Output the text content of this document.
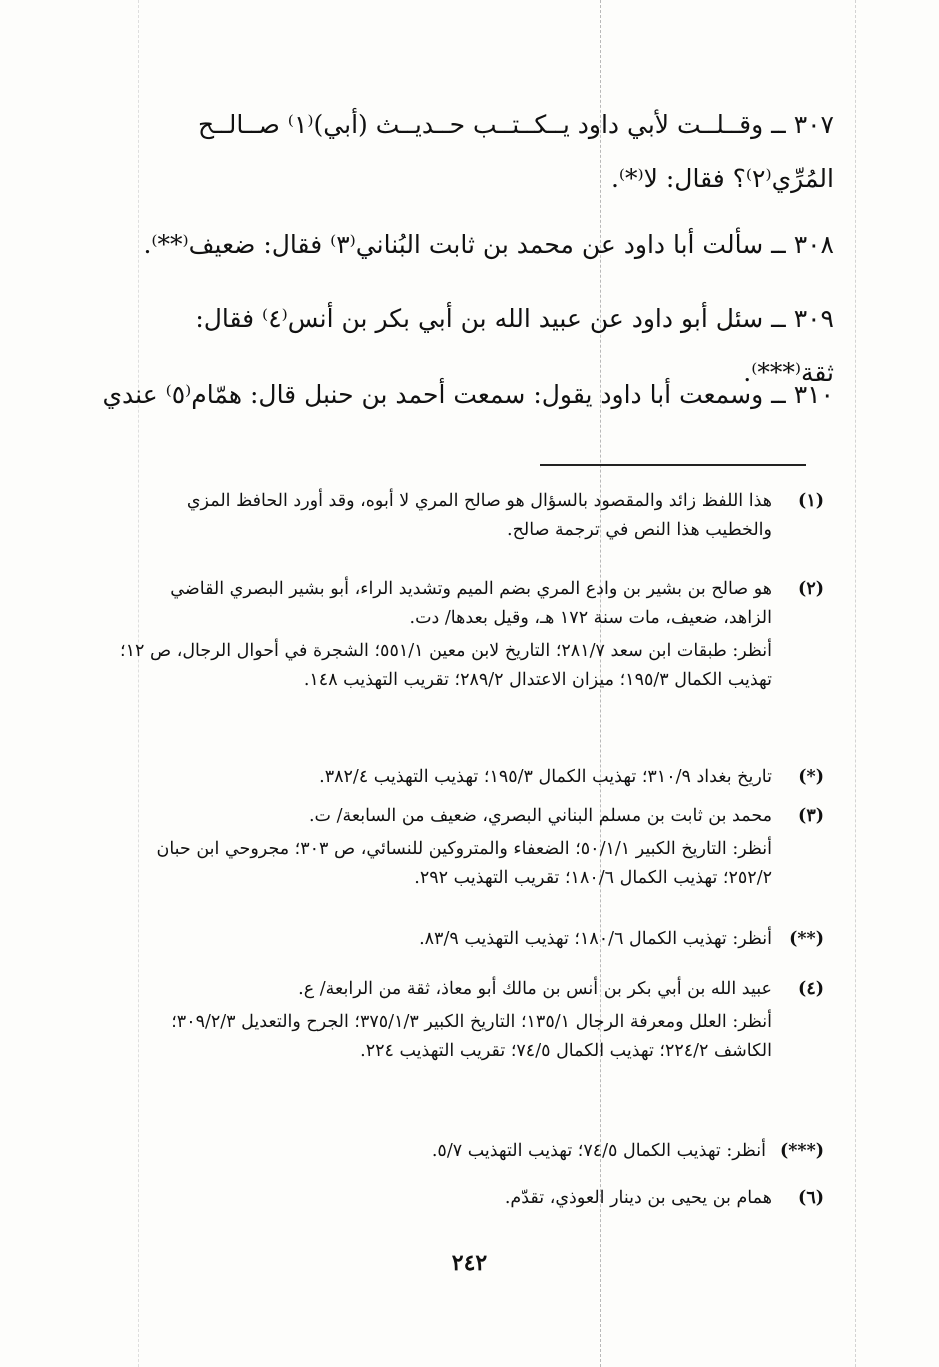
٣٠٧ ــ وقــلــت لأبي داود يــكــتــب حــديــث (أبي)⁽١⁾ صــالــح المُرِّي⁽٢⁾؟ فقال: لا⁽*⁾.
٣٠٨ ــ سألت أبا داود عن محمد بن ثابت البُناني⁽٣⁾ فقال: ضعيف⁽**⁾.
٣٠٩ ــ سئل أبو داود عن عبيد الله بن أبي بكر بن أنس⁽٤⁾ فقال: ثقة⁽***⁾.
٣١٠ ــ وسمعت أبا داود يقول: سمعت أحمد بن حنبل قال: همّام⁽٥⁾ عندي
(١)

هذا اللفظ زائد والمقصود بالسؤال هو صالح المري لا أبوه، وقد أورد الحافظ المزي والخطيب هذا النص في ترجمة صالح.

(٢)

هو صالح بن بشير بن وادع المري بضم الميم وتشديد الراء، أبو بشير البصري القاضي الزاهد، ضعيف، مات سنة ١٧٢ هـ، وقيل بعدها/ دت.

أنظر: طبقات ابن سعد ٢٨١/٧؛ التاريخ لابن معين ٥٥١/١؛ الشجرة في أحوال الرجال، ص ١٢؛ تهذيب الكمال ١٩٥/٣؛ ميزان الاعتدال ٢٨٩/٢؛ تقريب التهذيب ١٤٨.

(*)

تاريخ بغداد ٣١٠/٩؛ تهذيب الكمال ١٩٥/٣؛ تهذيب التهذيب ٣٨٢/٤.

(٣)

محمد بن ثابت بن مسلم البناني البصري، ضعيف من السابعة/ ت.

أنظر: التاريخ الكبير ٥٠/١/١؛ الضعفاء والمتروكين للنسائي، ص ٣٠٣؛ مجروحي ابن حبان ٢٥٢/٢؛ تهذيب الكمال ١٨٠/٦؛ تقريب التهذيب ٢٩٢.

(**)

أنظر: تهذيب الكمال ١٨٠/٦؛ تهذيب التهذيب ٨٣/٩.

(٤)

عبيد الله بن أبي بكر بن أنس بن مالك أبو معاذ، ثقة من الرابعة/ ع.

أنظر: العلل ومعرفة الرجال ١٣٥/١؛ التاريخ الكبير ٣٧٥/١/٣؛ الجرح والتعديل ٣٠٩/٢/٣؛ الكاشف ٢٢٤/٢؛ تهذيب الكمال ٧٤/٥؛ تقريب التهذيب ٢٢٤.

(***)

أنظر: تهذيب الكمال ٧٤/٥؛ تهذيب التهذيب ٥/٧.

(٦)

همام بن يحيى بن دينار العوذي، تقدّم.

٢٤٢
